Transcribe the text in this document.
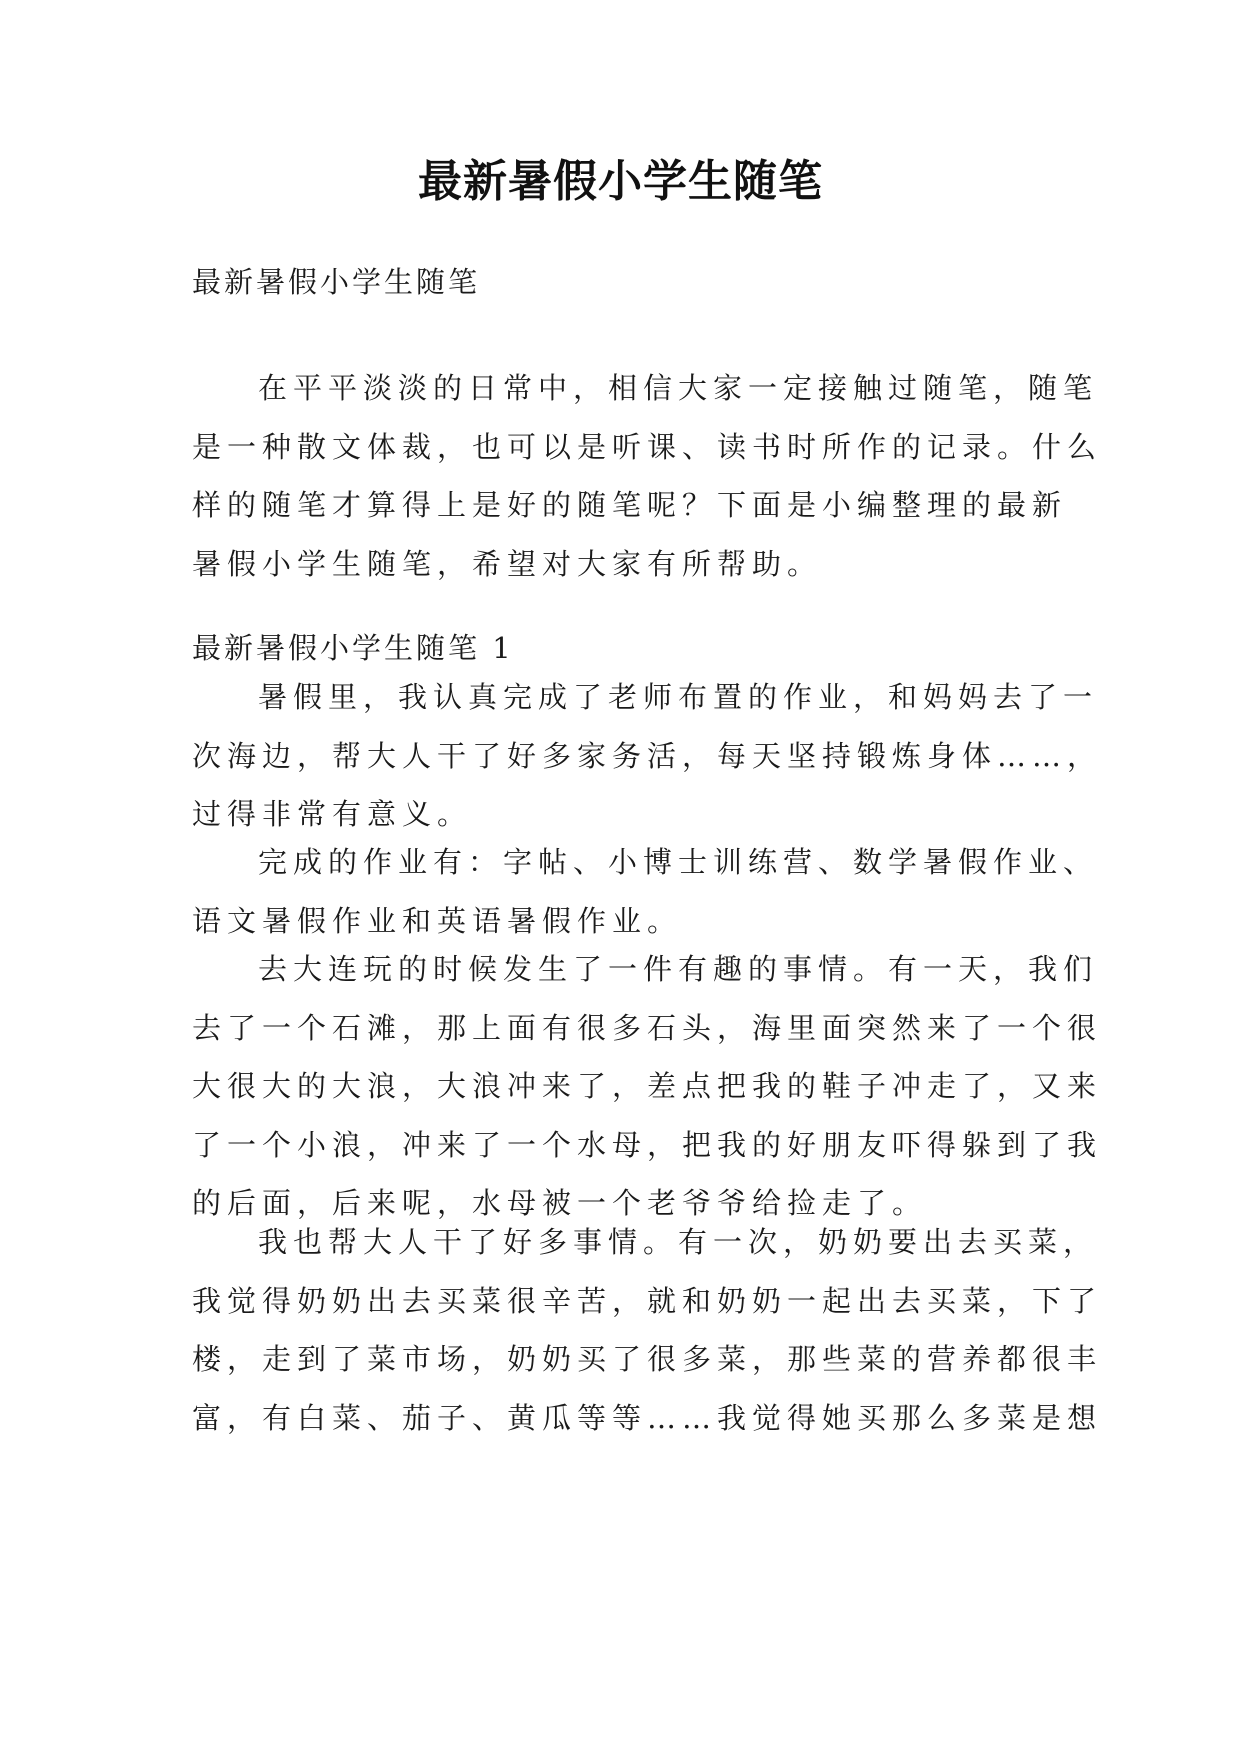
最新暑假小学生随笔
最新暑假小学生随笔
在平平淡淡的日常中，相信大家一定接触过随笔，随笔
是一种散文体裁，也可以是听课、读书时所作的记录。什么
样的随笔才算得上是好的随笔呢？下面是小编整理的最新
暑假小学生随笔，希望对大家有所帮助。
最新暑假小学生随笔 1
暑假里，我认真完成了老师布置的作业，和妈妈去了一
次海边，帮大人干了好多家务活，每天坚持锻炼身体……，
过得非常有意义。
完成的作业有：字帖、小博士训练营、数学暑假作业、
语文暑假作业和英语暑假作业。
去大连玩的时候发生了一件有趣的事情。有一天，我们
去了一个石滩，那上面有很多石头，海里面突然来了一个很
大很大的大浪，大浪冲来了，差点把我的鞋子冲走了，又来
了一个小浪，冲来了一个水母，把我的好朋友吓得躲到了我
的后面，后来呢，水母被一个老爷爷给捡走了。
我也帮大人干了好多事情。有一次，奶奶要出去买菜，
我觉得奶奶出去买菜很辛苦，就和奶奶一起出去买菜，下了
楼，走到了菜市场，奶奶买了很多菜，那些菜的营养都很丰
富，有白菜、茄子、黄瓜等等……我觉得她买那么多菜是想
